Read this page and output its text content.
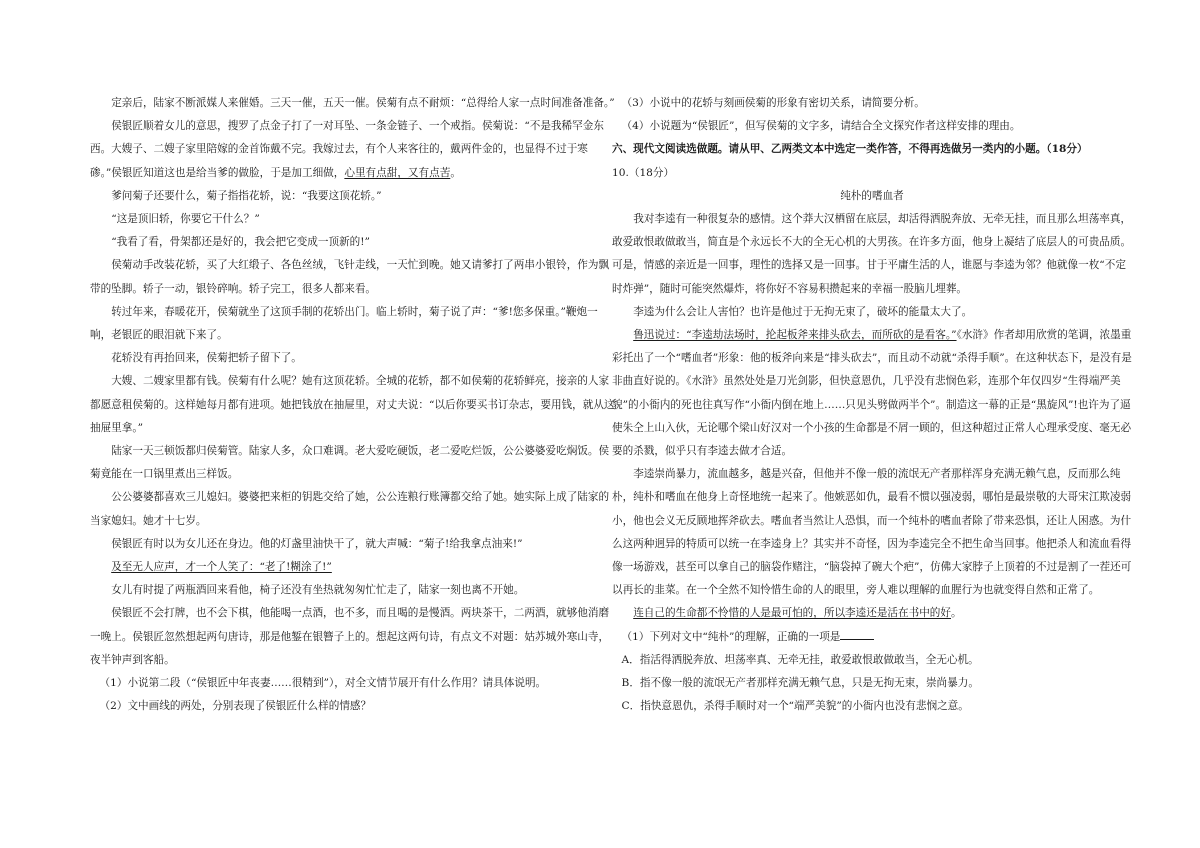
定亲后，陆家不断派媒人来催婚。三天一催，五天一催。侯菊有点不耐烦：“总得给人家一点时间准备准备。”

侯银匠顺着女儿的意思，搜罗了点金子打了一对耳坠、一条金链子、一个戒指。侯菊说：“不是我稀罕金东西。大嫂子、二嫂子家里陪嫁的金首饰戴不完。我嫁过去，有个人来客往的，戴两件金的，也显得不过于寒碜。”侯银匠知道这也是给当爹的做脸，于是加工细做，心里有点甜，又有点苦。

爹问菊子还要什么，菊子指指花轿，说：“我要这顶花轿。”

“这是顶旧轿，你要它干什么？”

“我看了看，骨架都还是好的，我会把它变成一顶新的!”

侯菊动手改装花轿，买了大红缎子、各色丝绒，飞针走线，一天忙到晚。她又请爹打了两串小银铃，作为飘带的坠脚。轿子一动，银铃碎响。轿子完工，很多人都来看。

转过年来，春暖花开，侯菊就坐了这顶手制的花轿出门。临上轿时，菊子说了声：“爹!您多保重。”鞭炮一响，老银匠的眼泪就下来了。

花轿没有再抬回来，侯菊把轿子留下了。

大嫂、二嫂家里都有钱。侯菊有什么呢？她有这顶花轿。全城的花轿，都不如侯菊的花轿鲜亮，接亲的人家都愿意租侯菊的。这样她每月都有进项。她把钱放在抽屉里，对丈夫说：“以后你要买书订杂志，要用钱，就从这抽屉里拿。”

陆家一天三顿饭都归侯菊管。陆家人多，众口难调。老大爱吃硬饭，老二爱吃烂饭，公公婆婆爱吃焖饭。侯菊竟能在一口锅里煮出三样饭。

公公婆婆都喜欢三儿媳妇。婆婆把来柜的钥匙交给了她，公公连粮行账簿都交给了她。她实际上成了陆家的当家媳妇。她才十七岁。

侯银匠有时以为女儿还在身边。他的灯盏里油快干了，就大声喊：“菊子!给我拿点油来!”

及至无人应声，才一个人笑了：“老了!糊涂了!”

女儿有时提了两瓶酒回来看他，椅子还没有坐热就匆匆忙忙走了，陆家一刻也离不开她。

侯银匠不会打牌，也不会下棋，他能喝一点酒，也不多，而且喝的是慢酒。两块茶干，二两酒，就够他消磨一晚上。侯银匠忽然想起两句唐诗，那是他錾在银簪子上的。想起这两句诗，有点文不对题：姑苏城外寒山寺，夜半钟声到客船。

（1）小说第二段（“侯银匠中年丧妻……很精到”），对全文情节展开有什么作用？请具体说明。

（2）文中画线的两处，分别表现了侯银匠什么样的情感？

（3）小说中的花轿与刻画侯菊的形象有密切关系，请简要分析。

（4）小说题为“侯银匠”，但写侯菊的文字多，请结合全文探究作者这样安排的理由。

六、现代文阅读选做题。请从甲、乙两类文本中选定一类作答，不得再选做另一类内的小题。（18分）

10.（18分）

纯朴的嗜血者

我对李逵有一种很复杂的感情。这个莽大汉栖留在底层，却活得洒脱奔放、无牵无挂，而且那么坦荡率真，敢爱敢恨敢做敢当，简直是个永远长不大的全无心机的大男孩。在许多方面，他身上凝结了底层人的可贵品质。可是，情感的亲近是一回事，理性的选择又是一回事。甘于平庸生活的人，谁愿与李逵为邻？他就像一枚“不定时炸弹”，随时可能突然爆炸，将你好不容易积攒起来的幸福一股脑儿埋葬。

李逵为什么会让人害怕？也许是他过于无拘无束了，破坏的能量太大了。

鲁迅说过：“李逵劫法场时，抡起板斧来排头砍去，而所砍的是看客。”《水浒》作者却用欣赏的笔调，浓墨重彩托出了一个“嗜血者”形象：他的板斧向来是“排头砍去”，而且动不动就“杀得手顺”。在这种状态下，是没有是非曲直好说的。《水浒》虽然处处是刀光剑影，但快意恩仇，几乎没有悲悯色彩，连那个年仅四岁“生得端严美貌”的小衙内的死也往真写作“小衙内倒在地上……只见头劈做两半个”。制造这一幕的正是“黑旋风”!也许为了逼使朱仝上山入伙，无论哪个梁山好汉对一个小孩的生命都是不屑一顾的，但这种超过正常人心理承受度、毫无必要的杀戮，似乎只有李逵去做才合适。

李逵崇尚暴力，流血越多，越是兴奋，但他并不像一般的流氓无产者那样浑身充满无赖气息，反而那么纯朴，纯朴和嗜血在他身上奇怪地统一起来了。他嫉恶如仇，最看不惯以强凌弱，哪怕是最崇敬的大哥宋江欺凌弱小，他也会义无反顾地挥斧砍去。嗜血者当然让人恐惧，而一个纯朴的嗜血者除了带来恐惧，还让人困惑。为什么这两种迥异的特质可以统一在李逵身上？其实并不奇怪，因为李逵完全不把生命当回事。他把杀人和流血看得像一场游戏，甚至可以拿自己的脑袋作赌注，“脑袋掉了碗大个疤”，仿佛大家脖子上顶着的不过是割了一茬还可以再长的韭菜。在一个全然不知怜惜生命的人的眼里，旁人难以理解的血腥行为也就变得自然和正常了。

连自己的生命都不怜惜的人是最可怕的，所以李逵还是活在书中的好。

（1）下列对文中“纯朴”的理解，正确的一项是

A．指活得洒脱奔放、坦荡率真、无牵无挂，敢爱敢恨敢做敢当，全无心机。

B．指不像一般的流氓无产者那样充满无赖气息，只是无拘无束，崇尚暴力。

C．指快意恩仇，杀得手顺时对一个“端严美貌”的小衙内也没有悲悯之意。
